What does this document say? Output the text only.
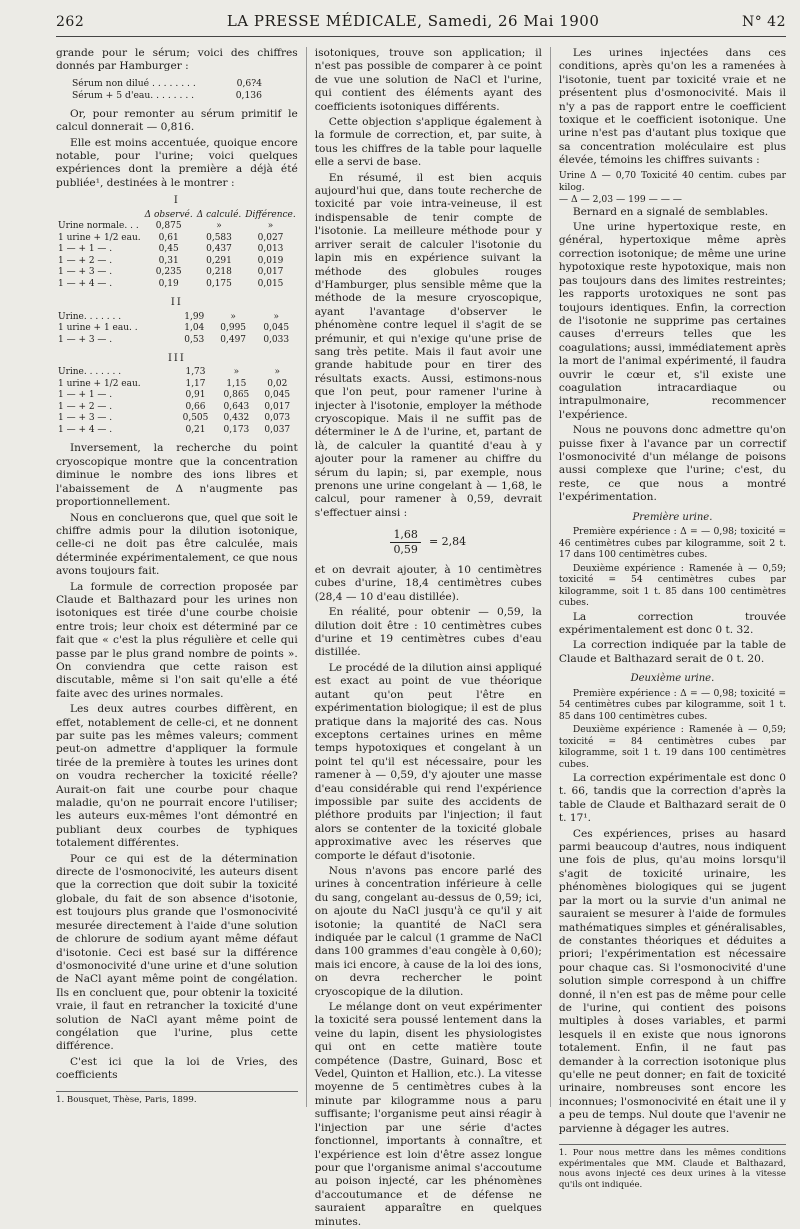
262	LA PRESSE MÉDICALE, Samedi, 26 Mai 1900	N° 42

grande pour le sérum; voici des chiffres donnés par Hamburger :

Sérum non dilué . . . . . . . .	0,6?4
Sérum + 5 d'eau. . . . . . . .	0,136

Or, pour remonter au sérum primitif le calcul donnerait — 0,816.

Elle est moins accentuée, quoique encore notable, pour l'urine; voici quelques expériences dont la première a déjà été publiée¹, destinées à le montrer :

I
	Δ observé.	Δ calculé.	Différence.
Urine normale. . .	0,875	»	»
1 urine + 1/2 eau.	0,61	0,583	0,027
1 — + 1 — .	0,45	0,437	0,013
1 — + 2 — .	0,31	0,291	0,019
1 — + 3 — .	0,235	0,218	0,017
1 — + 4 — .	0,19	0,175	0,015
II
Urine. . . . . . .	1,99	»	»
1 urine + 1 eau. .	1,04	0,995	0,045
1 — + 3 — .	0,53	0,497	0,033
III
Urine. . . . . . .	1,73	»	»
1 urine + 1/2 eau.	1,17	1,15	0,02
1 — + 1 — .	0,91	0,865	0,045
1 — + 2 — .	0,66	0,643	0,017
1 — + 3 — .	0,505	0,432	0,073
1 — + 4 — .	0,21	0,173	0,037

Inversement, la recherche du point cryoscopique montre que la concentration diminue le nombre des ions libres et l'abaissement de Δ n'augmente pas proportionnellement.

Nous en concluerons que, quel que soit le chiffre admis pour la dilution isotonique, celle-ci ne doit pas être calculée, mais déterminée expérimentalement, ce que nous avons toujours fait.

La formule de correction proposée par Claude et Balthazard pour les urines non isotoniques est tirée d'une courbe choisie entre trois; leur choix est déterminé par ce fait que « c'est la plus régulière et celle qui passe par le plus grand nombre de points ». On conviendra que cette raison est discutable, même si l'on sait qu'elle a été faite avec des urines normales.

Les deux autres courbes diffèrent, en effet, notablement de celle-ci, et ne donnent par suite pas les mêmes valeurs; comment peut-on admettre d'appliquer la formule tirée de la première à toutes les urines dont on voudra rechercher la toxicité réelle? Aurait-on fait une courbe pour chaque maladie, qu'on ne pourrait encore l'utiliser; les auteurs eux-mêmes l'ont démontré en publiant deux courbes de typhiques totalement différentes.

Pour ce qui est de la détermination directe de l'osmonocivité, les auteurs disent que la correction que doit subir la toxicité globale, du fait de son absence d'isotonie, est toujours plus grande que l'osmonocivité mesurée directement à l'aide d'une solution de chlorure de sodium ayant même défaut d'isotonie. Ceci est basé sur la différence d'osmonocivité d'une urine et d'une solution de NaCl ayant même point de congélation. Ils en concluent que, pour obtenir la toxicité vraie, il faut en retrancher la toxicité d'une solution de NaCl ayant même point de congélation que l'urine, plus cette différence.

C'est ici que la loi de Vries, des coefficients

1. Bousquet, Thèse, Paris, 1899.

isotoniques, trouve son application; il n'est pas possible de comparer à ce point de vue une solution de NaCl et l'urine, qui contient des éléments ayant des coefficients isotoniques différents.

Cette objection s'applique également à la formule de correction, et, par suite, à tous les chiffres de la table pour laquelle elle a servi de base.

En résumé, il est bien acquis aujourd'hui que, dans toute recherche de toxicité par voie intra-veineuse, il est indispensable de tenir compte de l'isotonie. La meilleure méthode pour y arriver serait de calculer l'isotonie du lapin mis en expérience suivant la méthode des globules rouges d'Hamburger, plus sensible même que la méthode de la mesure cryoscopique, ayant l'avantage d'observer le phénomène contre lequel il s'agit de se prémunir, et qui n'exige qu'une prise de sang très petite. Mais il faut avoir une grande habitude pour en tirer des résultats exacts. Aussi, estimons-nous que l'on peut, pour ramener l'urine à injecter à l'isotonie, employer la méthode cryoscopique. Mais il ne suffit pas de déterminer le Δ de l'urine, et, partant de là, de calculer la quantité d'eau à y ajouter pour la ramener au chiffre du sérum du lapin; si, par exemple, nous prenons une urine congelant à — 1,68, le calcul, pour ramener à 0,59, devrait s'effectuer ainsi :

$\frac{1,68}{0,59} = 2,84$

et on devrait ajouter, à 10 centimètres cubes d'urine, 18,4 centimètres cubes (28,4 — 10 d'eau distillée).

En réalité, pour obtenir — 0,59, la dilution doit être : 10 centimètres cubes d'urine et 19 centimètres cubes d'eau distillée.

Le procédé de la dilution ainsi appliqué est exact au point de vue théorique autant qu'on peut l'être en expérimentation biologique; il est de plus pratique dans la majorité des cas. Nous exceptons certaines urines en même temps hypotoxiques et congelant à un point tel qu'il est nécessaire, pour les ramener à — 0,59, d'y ajouter une masse d'eau considérable qui rend l'expérience impossible par suite des accidents de pléthore produits par l'injection; il faut alors se contenter de la toxicité globale approximative avec les réserves que comporte le défaut d'isotonie.

Nous n'avons pas encore parlé des urines à concentration inférieure à celle du sang, congelant au-dessus de 0,59; ici, on ajoute du NaCl jusqu'à ce qu'il y ait isotonie; la quantité de NaCl sera indiquée par le calcul (1 gramme de NaCl dans 100 grammes d'eau congèle à 0,60); mais ici encore, à cause de la loi des ions, on devra rechercher le point cryoscopique de la dilution.

Le mélange dont on veut expérimenter la toxicité sera poussé lentement dans la veine du lapin, disent les physiologistes qui ont en cette matière toute compétence (Dastre, Guinard, Bosc et Vedel, Quinton et Hallion, etc.). La vitesse moyenne de 5 centimètres cubes à la minute par kilogramme nous a paru suffisante; l'organisme peut ainsi réagir à l'injection par une série d'actes fonctionnel, importants à connaître, et l'expérience est loin d'être assez longue pour que l'organisme animal s'accoutume au poison injecté, car les phénomènes d'accoutumance et de défense ne sauraient apparaître en quelques minutes.

Les urines injectées dans ces conditions, après qu'on les a ramenées à l'isotonie, tuent par toxicité vraie et ne présentent plus d'osmonocivité. Mais il n'y a pas de rapport entre le coefficient toxique et le coefficient isotonique. Une urine n'est pas d'autant plus toxique que sa concentration moléculaire est plus élevée, témoins les chiffres suivants :

Urine Δ — 0,70 Toxicité 40 centim. cubes par kilog.
— Δ — 2,03 — 199 — — —

Bernard en a signalé de semblables.

Une urine hypertoxique reste, en général, hypertoxique même après correction isotonique; de même une urine hypotoxique reste hypotoxique, mais non pas toujours dans des limites restreintes; les rapports urotoxiques ne sont pas toujours identiques. Enfin, la correction de l'isotonie ne supprime pas certaines causes d'erreurs telles que les coagulations; aussi, immédiatement après la mort de l'animal expérimenté, il faudra ouvrir le cœur et, s'il existe une coagulation intracardiaque ou intrapulmonaire, recommencer l'expérience.

Nous ne pouvons donc admettre qu'on puisse fixer à l'avance par un correctif l'osmonocivité d'un mélange de poisons aussi complexe que l'urine; c'est, du reste, ce que nous a montré l'expérimentation.

Première urine.

Première expérience : Δ = — 0,98; toxicité = 46 centimètres cubes par kilogramme, soit 2 t. 17 dans 100 centimètres cubes.

Deuxième expérience : Ramenée à — 0,59; toxicité = 54 centimètres cubes par kilogramme, soit 1 t. 85 dans 100 centimètres cubes.

La correction trouvée expérimentalement est donc 0 t. 32.

La correction indiquée par la table de Claude et Balthazard serait de 0 t. 20.

Deuxième urine.

Première expérience : Δ = — 0,98; toxicité = 54 centimètres cubes par kilogramme, soit 1 t. 85 dans 100 centimètres cubes.

Deuxième expérience : Ramenée à — 0,59; toxicité = 84 centimètres cubes par kilogramme, soit 1 t. 19 dans 100 centimètres cubes.

La correction expérimentale est donc 0 t. 66, tandis que la correction d'après la table de Claude et Balthazard serait de 0 t. 17¹.

Ces expériences, prises au hasard parmi beaucoup d'autres, nous indiquent une fois de plus, qu'au moins lorsqu'il s'agit de toxicité urinaire, les phénomènes biologiques qui se jugent par la mort ou la survie d'un animal ne sauraient se mesurer à l'aide de formules mathématiques simples et généralisables, de constantes théoriques et déduites a priori; l'expérimentation est nécessaire pour chaque cas. Si l'osmonocivité d'une solution simple correspond à un chiffre donné, il n'en est pas de même pour celle de l'urine, qui contient des poisons multiples à doses variables, et parmi lesquels il en existe que nous ignorons totalement. Enfin, il ne faut pas demander à la correction isotonique plus qu'elle ne peut donner; en fait de toxicité urinaire, nombreuses sont encore les inconnues; l'osmonocivité en était une il y a peu de temps. Nul doute que l'avenir ne parvienne à dégager les autres.

1. Pour nous mettre dans les mêmes conditions expérimentales que MM. Claude et Balthazard, nous avons injecté ces deux urines à la vitesse qu'ils ont indiquée.
